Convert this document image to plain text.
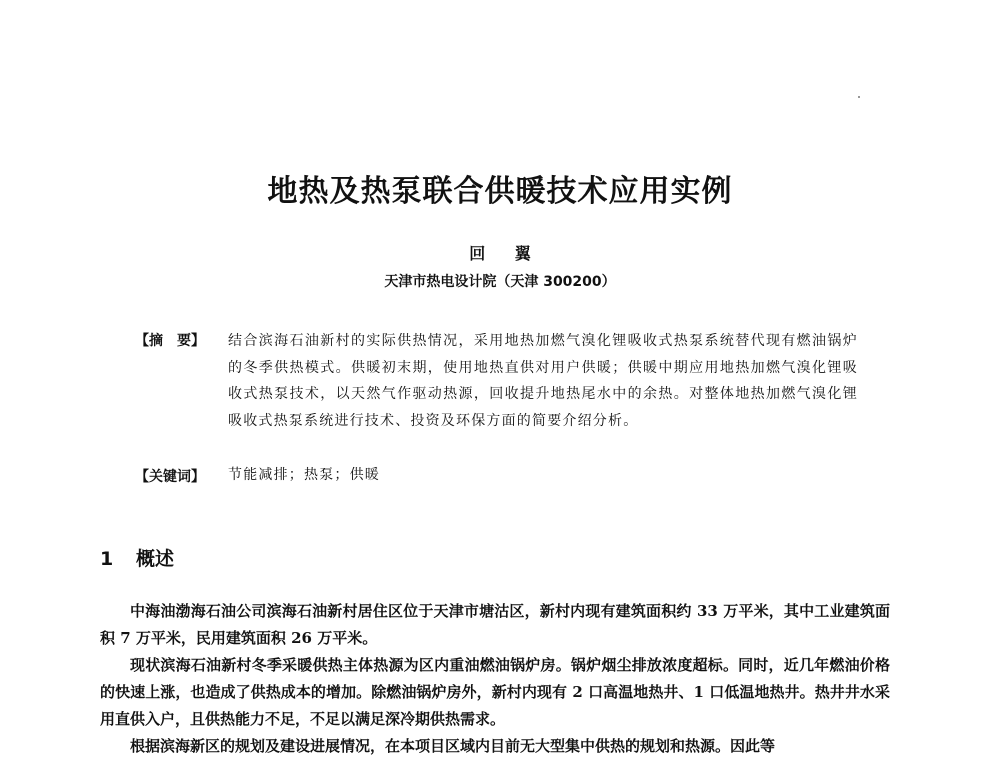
地热及热泵联合供暖技术应用实例
回 翼
天津市热电设计院（天津 300200）
【摘　要】 结合滨海石油新村的实际供热情况，采用地热加燃气溴化锂吸收式热泵系统替代现有燃油锅炉的冬季供热模式。供暖初末期，使用地热直供对用户供暖；供暖中期应用地热加燃气溴化锂吸收式热泵技术，以天然气作驱动热源，回收提升地热尾水中的余热。对整体地热加燃气溴化锂吸收式热泵系统进行技术、投资及环保方面的简要介绍分析。
【关键词】 节能减排；热泵；供暖
1 概述

中海油渤海石油公司滨海石油新村居住区位于天津市塘沽区，新村内现有建筑面积约 33 万平米，其中工业建筑面积 7 万平米，民用建筑面积 26 万平米。

现状滨海石油新村冬季采暖供热主体热源为区内重油燃油锅炉房。锅炉烟尘排放浓度超标。同时，近几年燃油价格的快速上涨，也造成了供热成本的增加。除燃油锅炉房外，新村内现有 2 口高温地热井、1 口低温地热井。热井井水采用直供入户，且供热能力不足，不足以满足深冷期供热需求。

根据滨海新区的规划及建设进展情况，在本项目区域内目前无大型集中供热的规划和热源。因此等
